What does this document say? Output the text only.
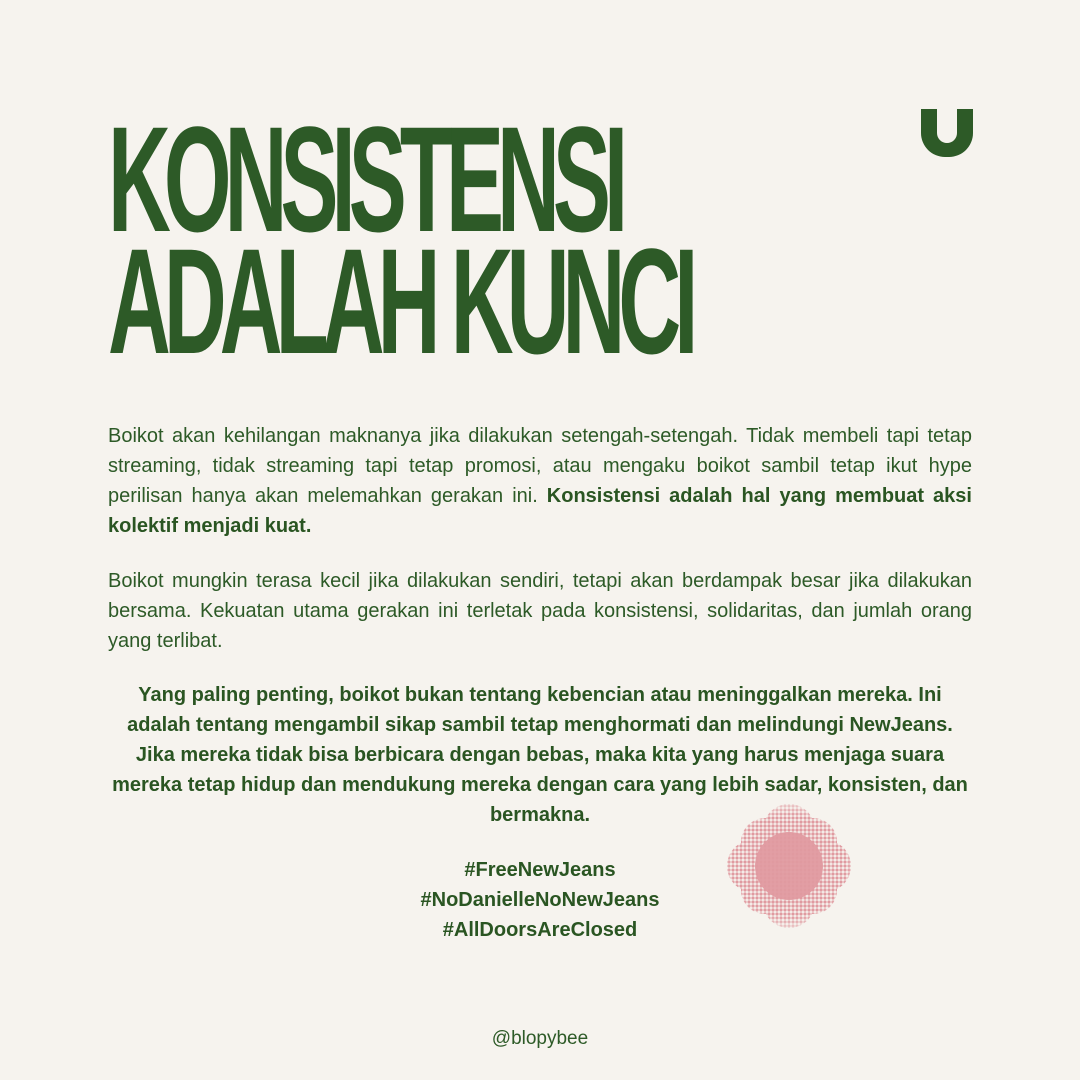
KONSISTENSI
ADALAH KUNCI

Boikot akan kehilangan maknanya jika dilakukan setengah-setengah. Tidak membeli tapi tetap streaming, tidak streaming tapi tetap promosi, atau mengaku boikot sambil tetap ikut hype perilisan hanya akan melemahkan gerakan ini. Konsistensi adalah hal yang membuat aksi kolektif menjadi kuat.

Boikot mungkin terasa kecil jika dilakukan sendiri, tetapi akan berdampak besar jika dilakukan bersama. Kekuatan utama gerakan ini terletak pada konsistensi, solidaritas, dan jumlah orang yang terlibat.

Yang paling penting, boikot bukan tentang kebencian atau meninggalkan mereka. Ini adalah tentang mengambil sikap sambil tetap menghormati dan melindungi NewJeans. Jika mereka tidak bisa berbicara dengan bebas, maka kita yang harus menjaga suara mereka tetap hidup dan mendukung mereka dengan cara yang lebih sadar, konsisten, dan bermakna.

#FreeNewJeans
#NoDanielleNoNewJeans
#AllDoorsAreClosed
@blopybee
